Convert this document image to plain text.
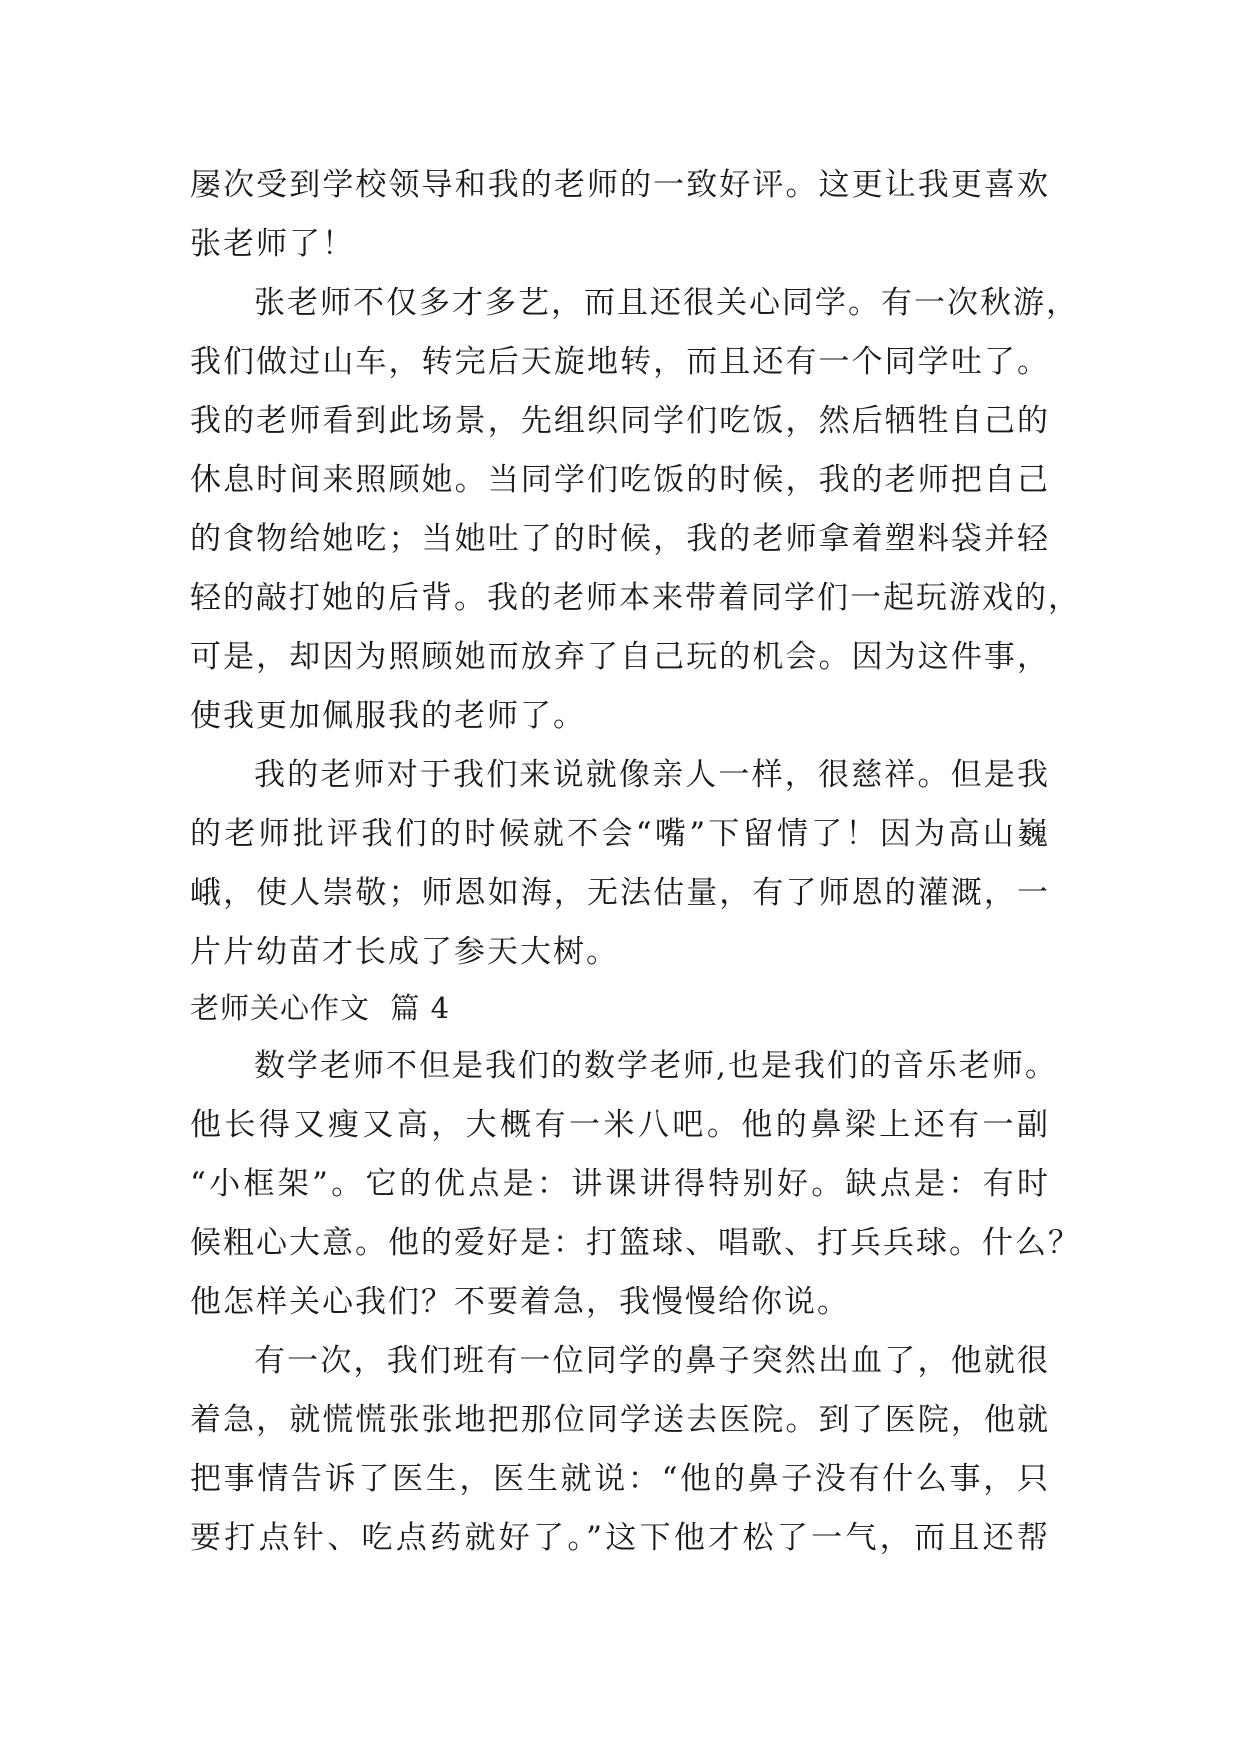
屡次受到学校领导和我的老师的一致好评。这更让我更喜欢
张老师了！
张老师不仅多才多艺，而且还很关心同学。有一次秋游，
我们做过山车，转完后天旋地转，而且还有一个同学吐了。
我的老师看到此场景，先组织同学们吃饭，然后牺牲自己的
休息时间来照顾她。当同学们吃饭的时候，我的老师把自己
的食物给她吃；当她吐了的时候，我的老师拿着塑料袋并轻
轻的敲打她的后背。我的老师本来带着同学们一起玩游戏的，
可是，却因为照顾她而放弃了自己玩的机会。因为这件事，
使我更加佩服我的老师了。
我的老师对于我们来说就像亲人一样，很慈祥。但是我
的老师批评我们的时候就不会“嘴”下留情了！因为高山巍
峨，使人崇敬；师恩如海，无法估量，有了师恩的灌溉，一
片片幼苗才长成了参天大树。
老师关心作文  篇 4
数学老师不但是我们的数学老师,也是我们的音乐老师。
他长得又瘦又高，大概有一米八吧。他的鼻梁上还有一副
“小框架”。它的优点是：讲课讲得特别好。缺点是：有时
候粗心大意。他的爱好是：打篮球、唱歌、打兵兵球。什么？
他怎样关心我们？不要着急，我慢慢给你说。
有一次，我们班有一位同学的鼻子突然出血了，他就很
着急，就慌慌张张地把那位同学送去医院。到了医院，他就
把事情告诉了医生，医生就说：“他的鼻子没有什么事，只
要打点针、吃点药就好了。”这下他才松了一气，而且还帮
